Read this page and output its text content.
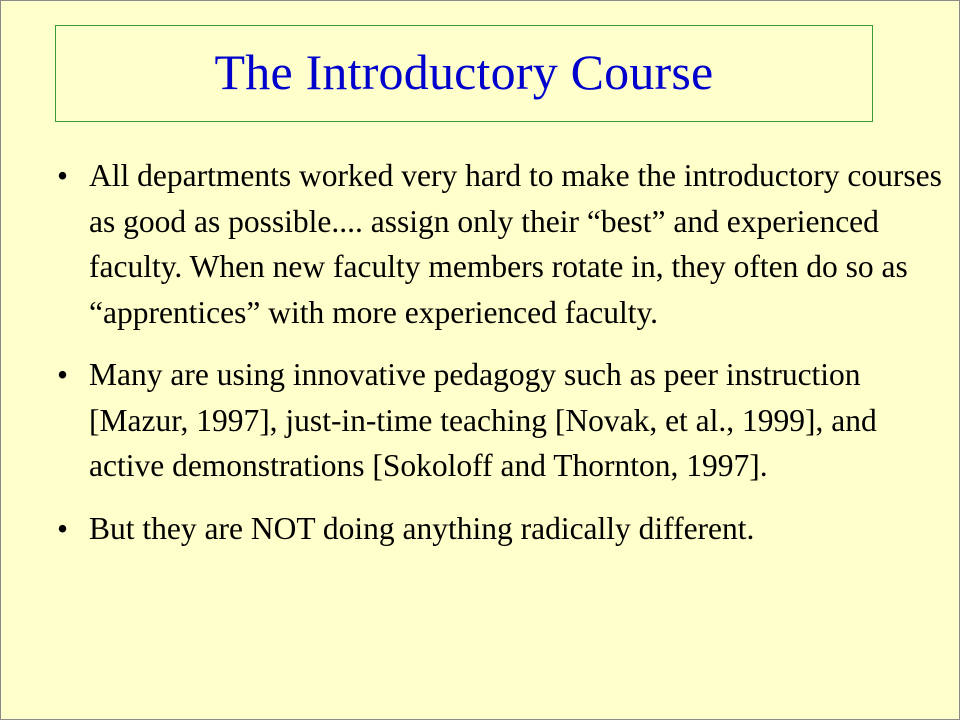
The Introductory Course
• All departments worked very hard to make the introductory courses as good as possible.... assign only their “best” and experienced faculty. When new faculty members rotate in, they often do so as “apprentices” with more experienced faculty.
• Many are using innovative pedagogy such as peer instruction [Mazur, 1997], just-in-time teaching [Novak, et al., 1999], and active demonstrations [Sokoloff and Thornton, 1997].
• But they are NOT doing anything radically different.
